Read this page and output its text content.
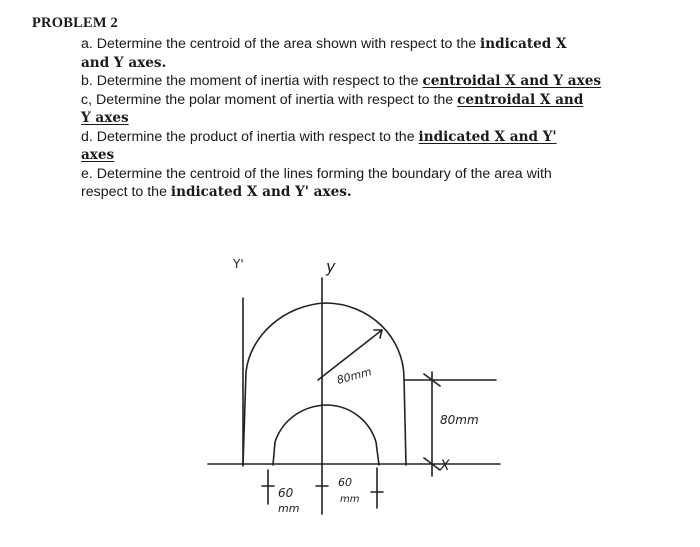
PROBLEM 2

a. Determine the centroid of the area shown with respect to the indicated X
and Y axes.

b. Determine the moment of inertia with respect to the centroidal X and Y axes

c, Determine the polar moment of inertia with respect to the centroidal X and
Y axes

d. Determine the product of inertia with respect to the indicated X and Y'
axes

e. Determine the centroid of the lines forming the boundary of the area with
respect to the indicated X and Y' axes.

Y'	y
X
80mm
80mm
60
mm
60
mm
